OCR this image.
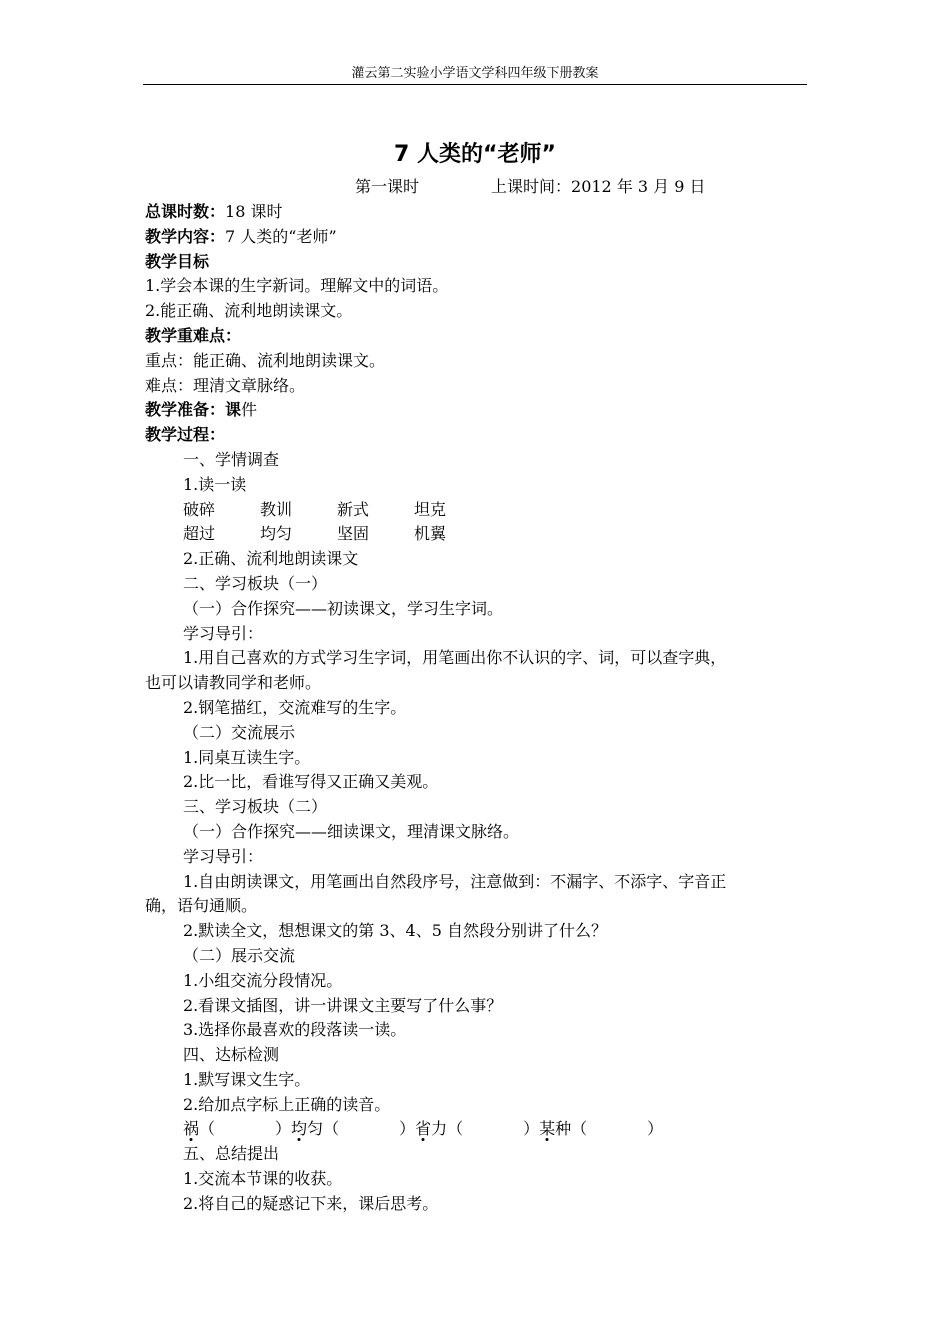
灌云第二实验小学语文学科四年级下册教案
7 人类的“老师”
第一课时	上课时间：2012 年 3 月 9 日
总课时数：18 课时
教学内容：7 人类的“老师”
教学目标
1.学会本课的生字新词。理解文中的词语。
2.能正确、流利地朗读课文。
教学重难点：
重点：能正确、流利地朗读课文。
难点：理清文章脉络。
教学准备：课件
教学过程：
一、学情调查
1.读一读
破碎	教训	新式	坦克
超过	均匀	坚固	机翼
2.正确、流利地朗读课文
二、学习板块（一）
（一）合作探究——初读课文，学习生字词。
学习导引：
1.用自己喜欢的方式学习生字词，用笔画出你不认识的字、词，可以查字典，
也可以请教同学和老师。
2.钢笔描红，交流难写的生字。
（二）交流展示
1.同桌互读生字。
2.比一比，看谁写得又正确又美观。
三、学习板块（二）
（一）合作探究——细读课文，理清课文脉络。
学习导引：
1.自由朗读课文，用笔画出自然段序号，注意做到：不漏字、不添字、字音正
确，语句通顺。
2.默读全文，想想课文的第 3、4、5 自然段分别讲了什么？
（二）展示交流
1.小组交流分段情况。
2.看课文插图，讲一讲课文主要写了什么事？
3.选择你最喜欢的段落读一读。
四、达标检测
1.默写课文生字。
2.给加点字标上正确的读音。
祸（	）均匀（	）省力（	）某种（	）
五、总结提出
1.交流本节课的收获。
2.将自己的疑惑记下来，课后思考。
